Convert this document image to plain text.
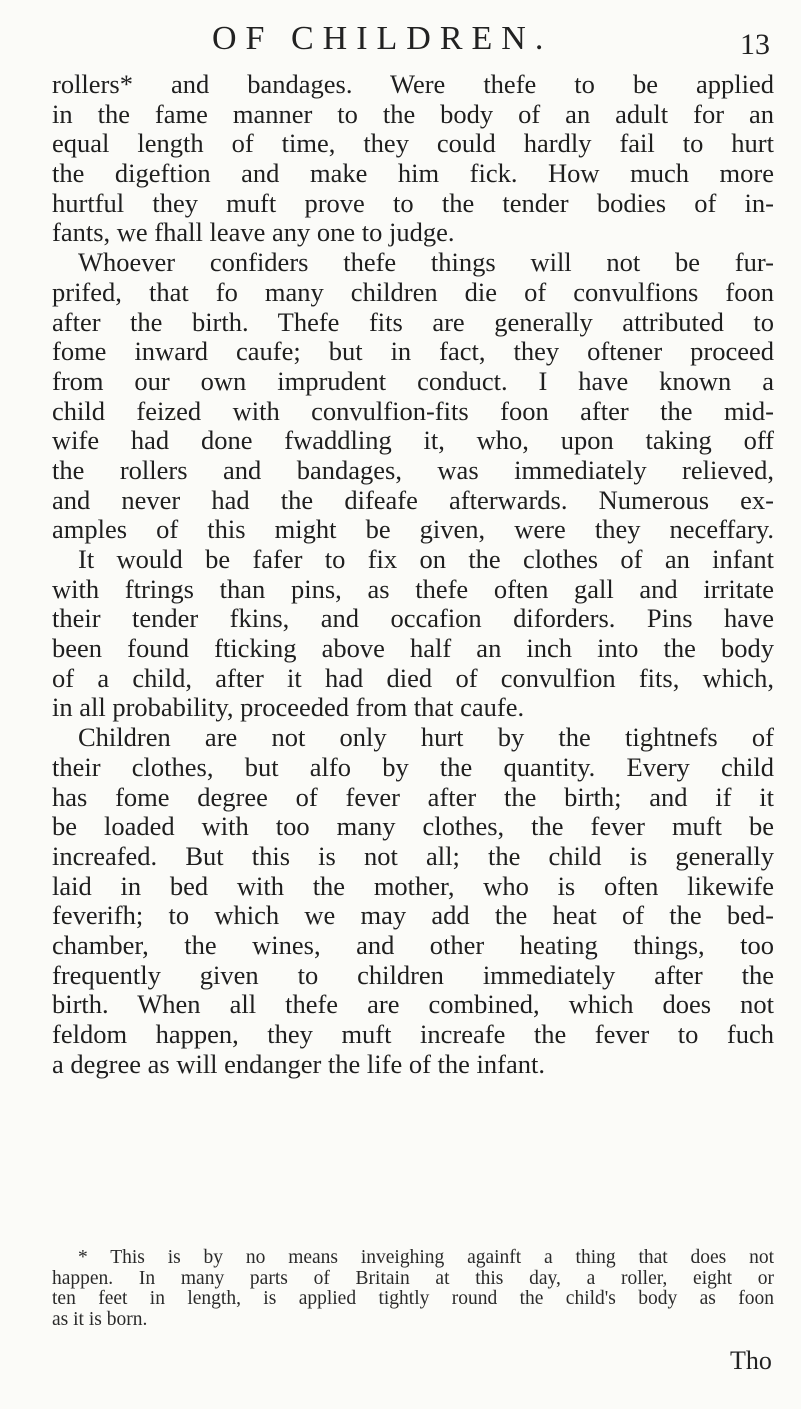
OF CHILDREN.	13
rollers* and bandages. Were thefe to be applied
in the fame manner to the body of an adult for an
equal length of time, they could hardly fail to hurt
the digeftion and make him fick. How much more
hurtful they muft prove to the tender bodies of in-
fants, we fhall leave any one to judge.
Whoever confiders thefe things will not be fur-
prifed, that fo many children die of convulfions foon
after the birth. Thefe fits are generally attributed to
fome inward caufe; but in fact, they oftener proceed
from our own imprudent conduct. I have known a
child feized with convulfion-fits foon after the mid-
wife had done fwaddling it, who, upon taking off
the rollers and bandages, was immediately relieved,
and never had the difeafe afterwards. Numerous ex-
amples of this might be given, were they neceffary.
It would be fafer to fix on the clothes of an infant
with ftrings than pins, as thefe often gall and irritate
their tender fkins, and occafion diforders. Pins have
been found fticking above half an inch into the body
of a child, after it had died of convulfion fits, which,
in all probability, proceeded from that caufe.
Children are not only hurt by the tightnefs of
their clothes, but alfo by the quantity. Every child
has fome degree of fever after the birth; and if it
be loaded with too many clothes, the fever muft be
increafed. But this is not all; the child is generally
laid in bed with the mother, who is often likewife
feverifh; to which we may add the heat of the bed-
chamber, the wines, and other heating things, too
frequently given to children immediately after the
birth. When all thefe are combined, which does not
feldom happen, they muft increafe the fever to fuch
a degree as will endanger the life of the infant.
* This is by no means inveighing againft a thing that does not
happen. In many parts of Britain at this day, a roller, eight or
ten feet in length, is applied tightly round the child's body as foon
as it is born.
Tho
